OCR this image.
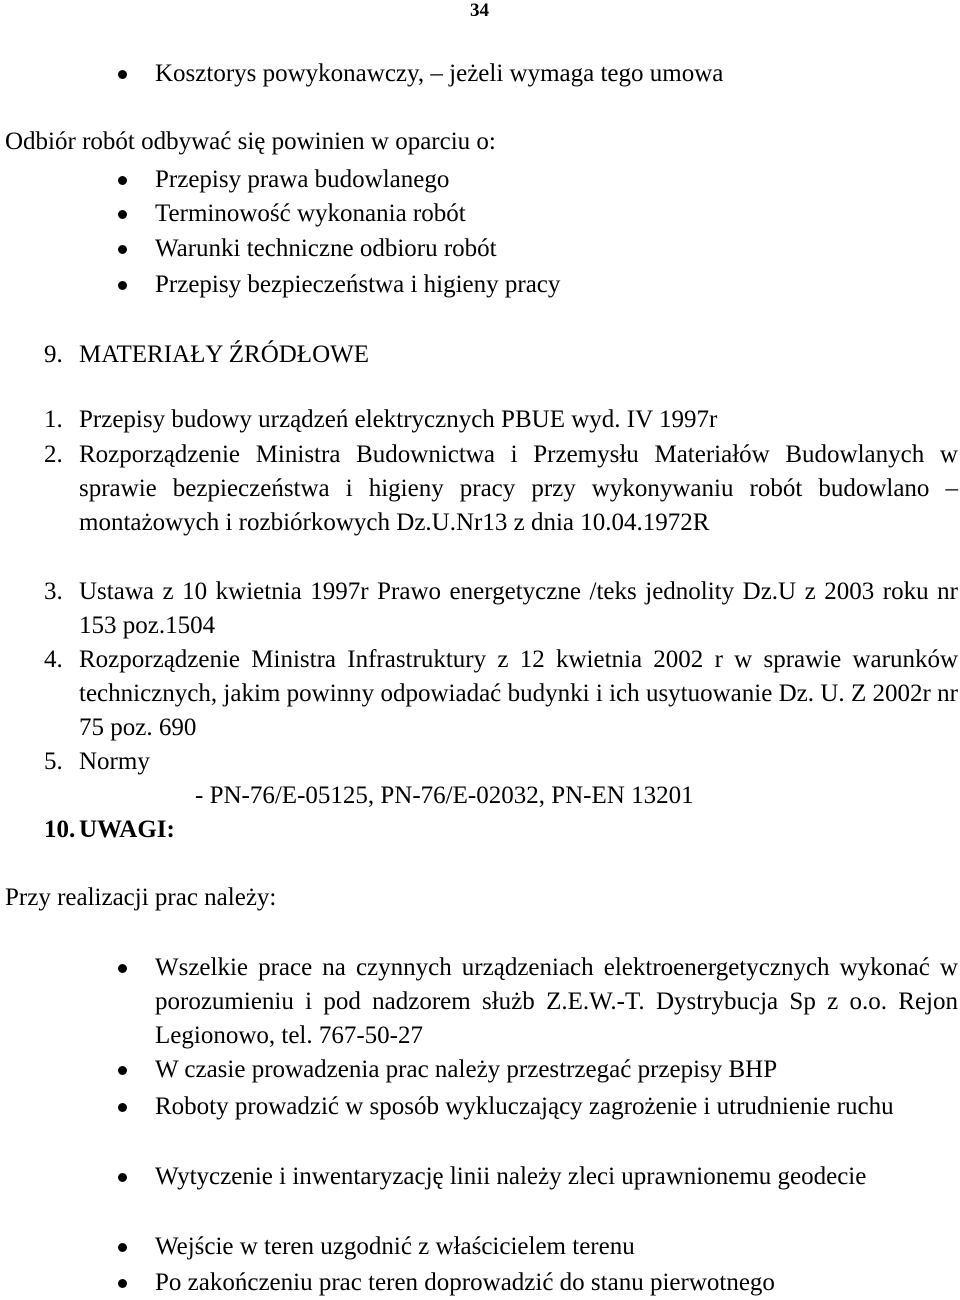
34
Kosztorys powykonawczy, – jeżeli wymaga tego umowa
Odbiór robót odbywać się powinien w oparciu o:
Przepisy prawa budowlanego
Terminowość wykonania robót
Warunki techniczne odbioru robót
Przepisy bezpieczeństwa i higieny pracy
9. MATERIAŁY ŹRÓDŁOWE
1. Przepisy budowy urządzeń elektrycznych PBUE wyd. IV 1997r
2. Rozporządzenie Ministra Budownictwa i Przemysłu Materiałów Budowlanych w sprawie bezpieczeństwa i higieny pracy przy wykonywaniu robót budowlano – montażowych i rozbiórkowych Dz.U.Nr13 z dnia 10.04.1972R
3. Ustawa z 10 kwietnia 1997r Prawo energetyczne /teks jednolity Dz.U z 2003 roku nr 153 poz.1504
4. Rozporządzenie Ministra Infrastruktury z 12 kwietnia 2002 r w sprawie warunków technicznych, jakim powinny odpowiadać budynki i ich usytuowanie Dz. U. Z 2002r nr 75 poz. 690
5. Normy
- PN-76/E-05125, PN-76/E-02032, PN-EN 13201
10. UWAGI:
Przy realizacji prac należy:
Wszelkie prace na czynnych urządzeniach elektroenergetycznych wykonać w porozumieniu i pod nadzorem służb Z.E.W.-T. Dystrybucja Sp z o.o. Rejon Legionowo, tel. 767-50-27
W czasie prowadzenia prac należy przestrzegać przepisy BHP
Roboty prowadzić w sposób wykluczający zagrożenie i utrudnienie ruchu
Wytyczenie i inwentaryzację linii należy zleci uprawnionemu geodecie
Wejście w teren uzgodnić z właścicielem terenu
Po zakończeniu prac teren doprowadzić do stanu pierwotnego
